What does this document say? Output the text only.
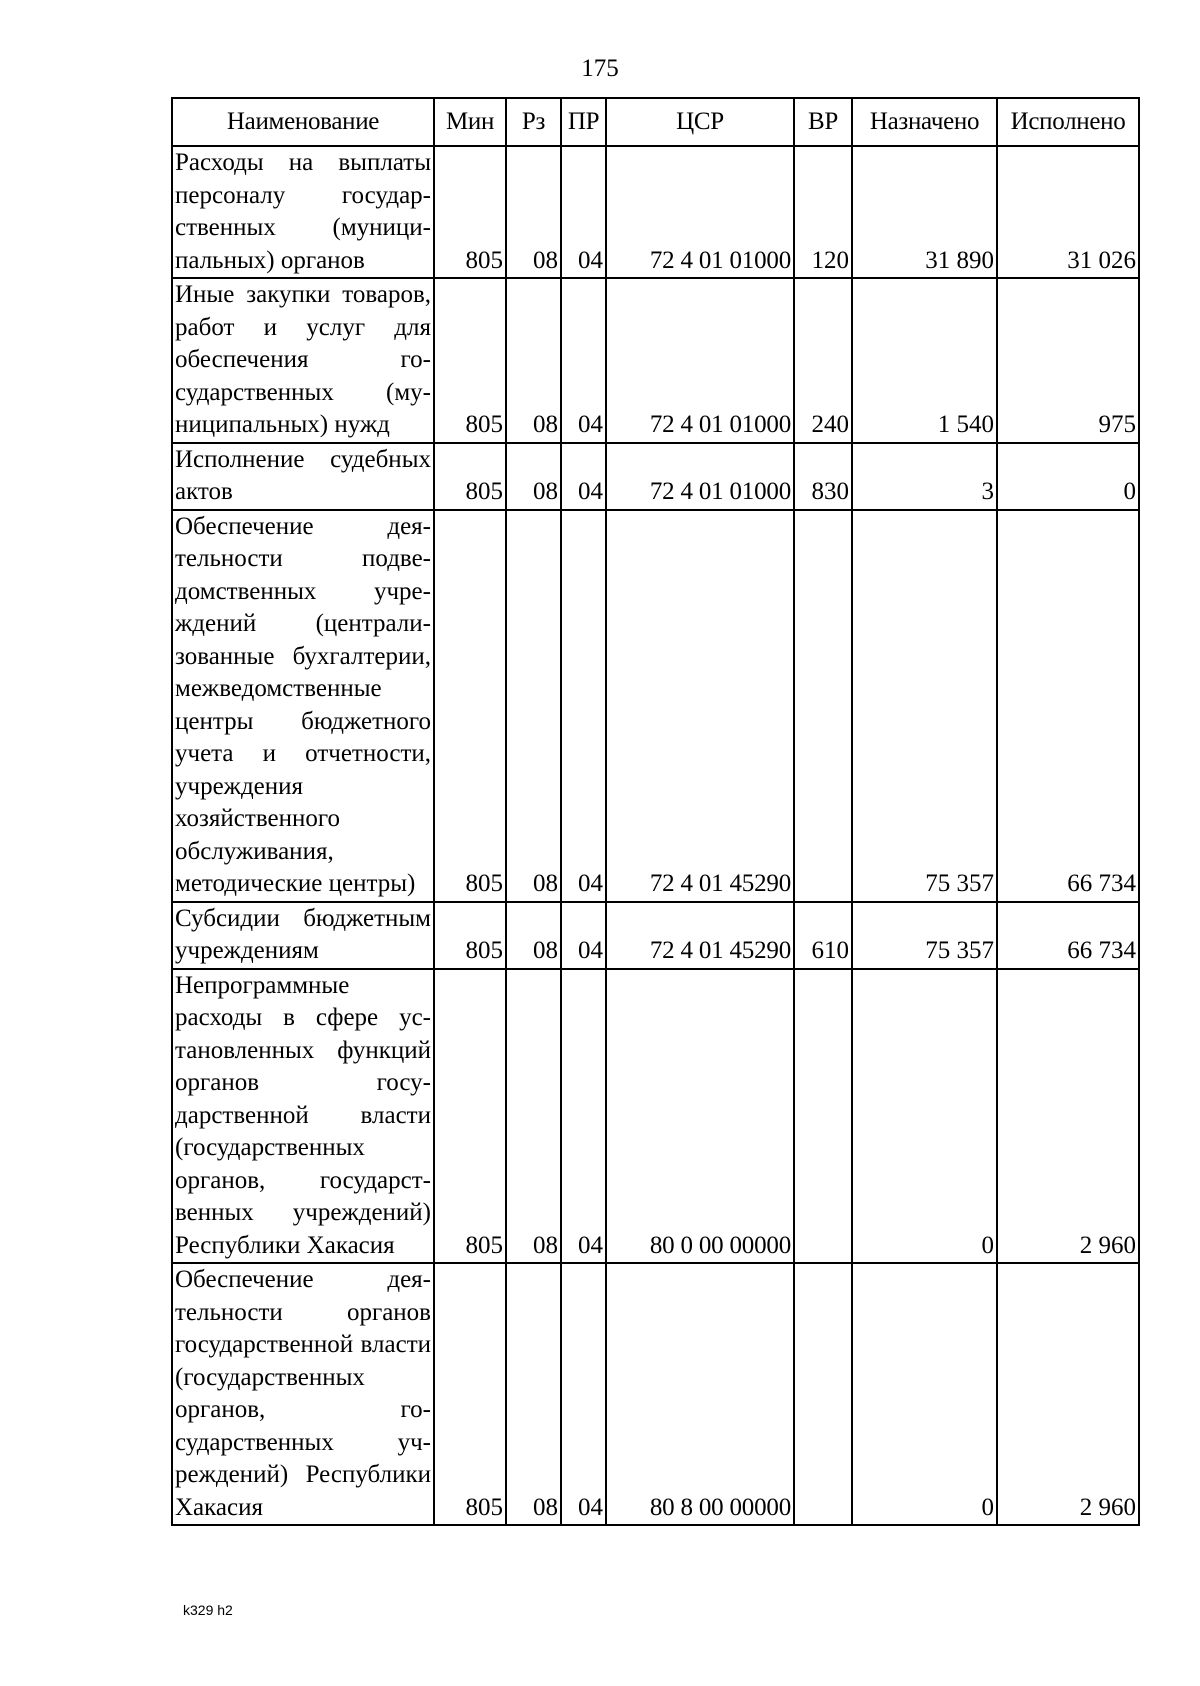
175
Наименование	Мин	Рз	ПР	ЦСР	ВР	Назначено	Исполнено
Расходы на выплаты персоналу государственных (муниципальных) органов	805	08	04	72 4 01 01000	120	31 890	31 026
Иные закупки товаров, работ и услуг для обеспечения государственных (муниципальных) нужд	805	08	04	72 4 01 01000	240	1 540	975
Исполнение судебных актов	805	08	04	72 4 01 01000	830	3	0
Обеспечение деятельности подведомственных учреждений (централизованные бухгалтерии, межведомственные центры бюджетного учета и отчетности, учреждения хозяйственного обслуживания, методические центры)	805	08	04	72 4 01 45290		75 357	66 734
Субсидии бюджетным учреждениям	805	08	04	72 4 01 45290	610	75 357	66 734
Непрограммные расходы в сфере установленных функций органов государственной власти (государственных органов, государственных учреждений) Республики Хакасия	805	08	04	80 0 00 00000		0	2 960
Обеспечение деятельности органов государственной власти (государственных органов, государственных учреждений) Республики Хакасия	805	08	04	80 8 00 00000		0	2 960
k329 h2
